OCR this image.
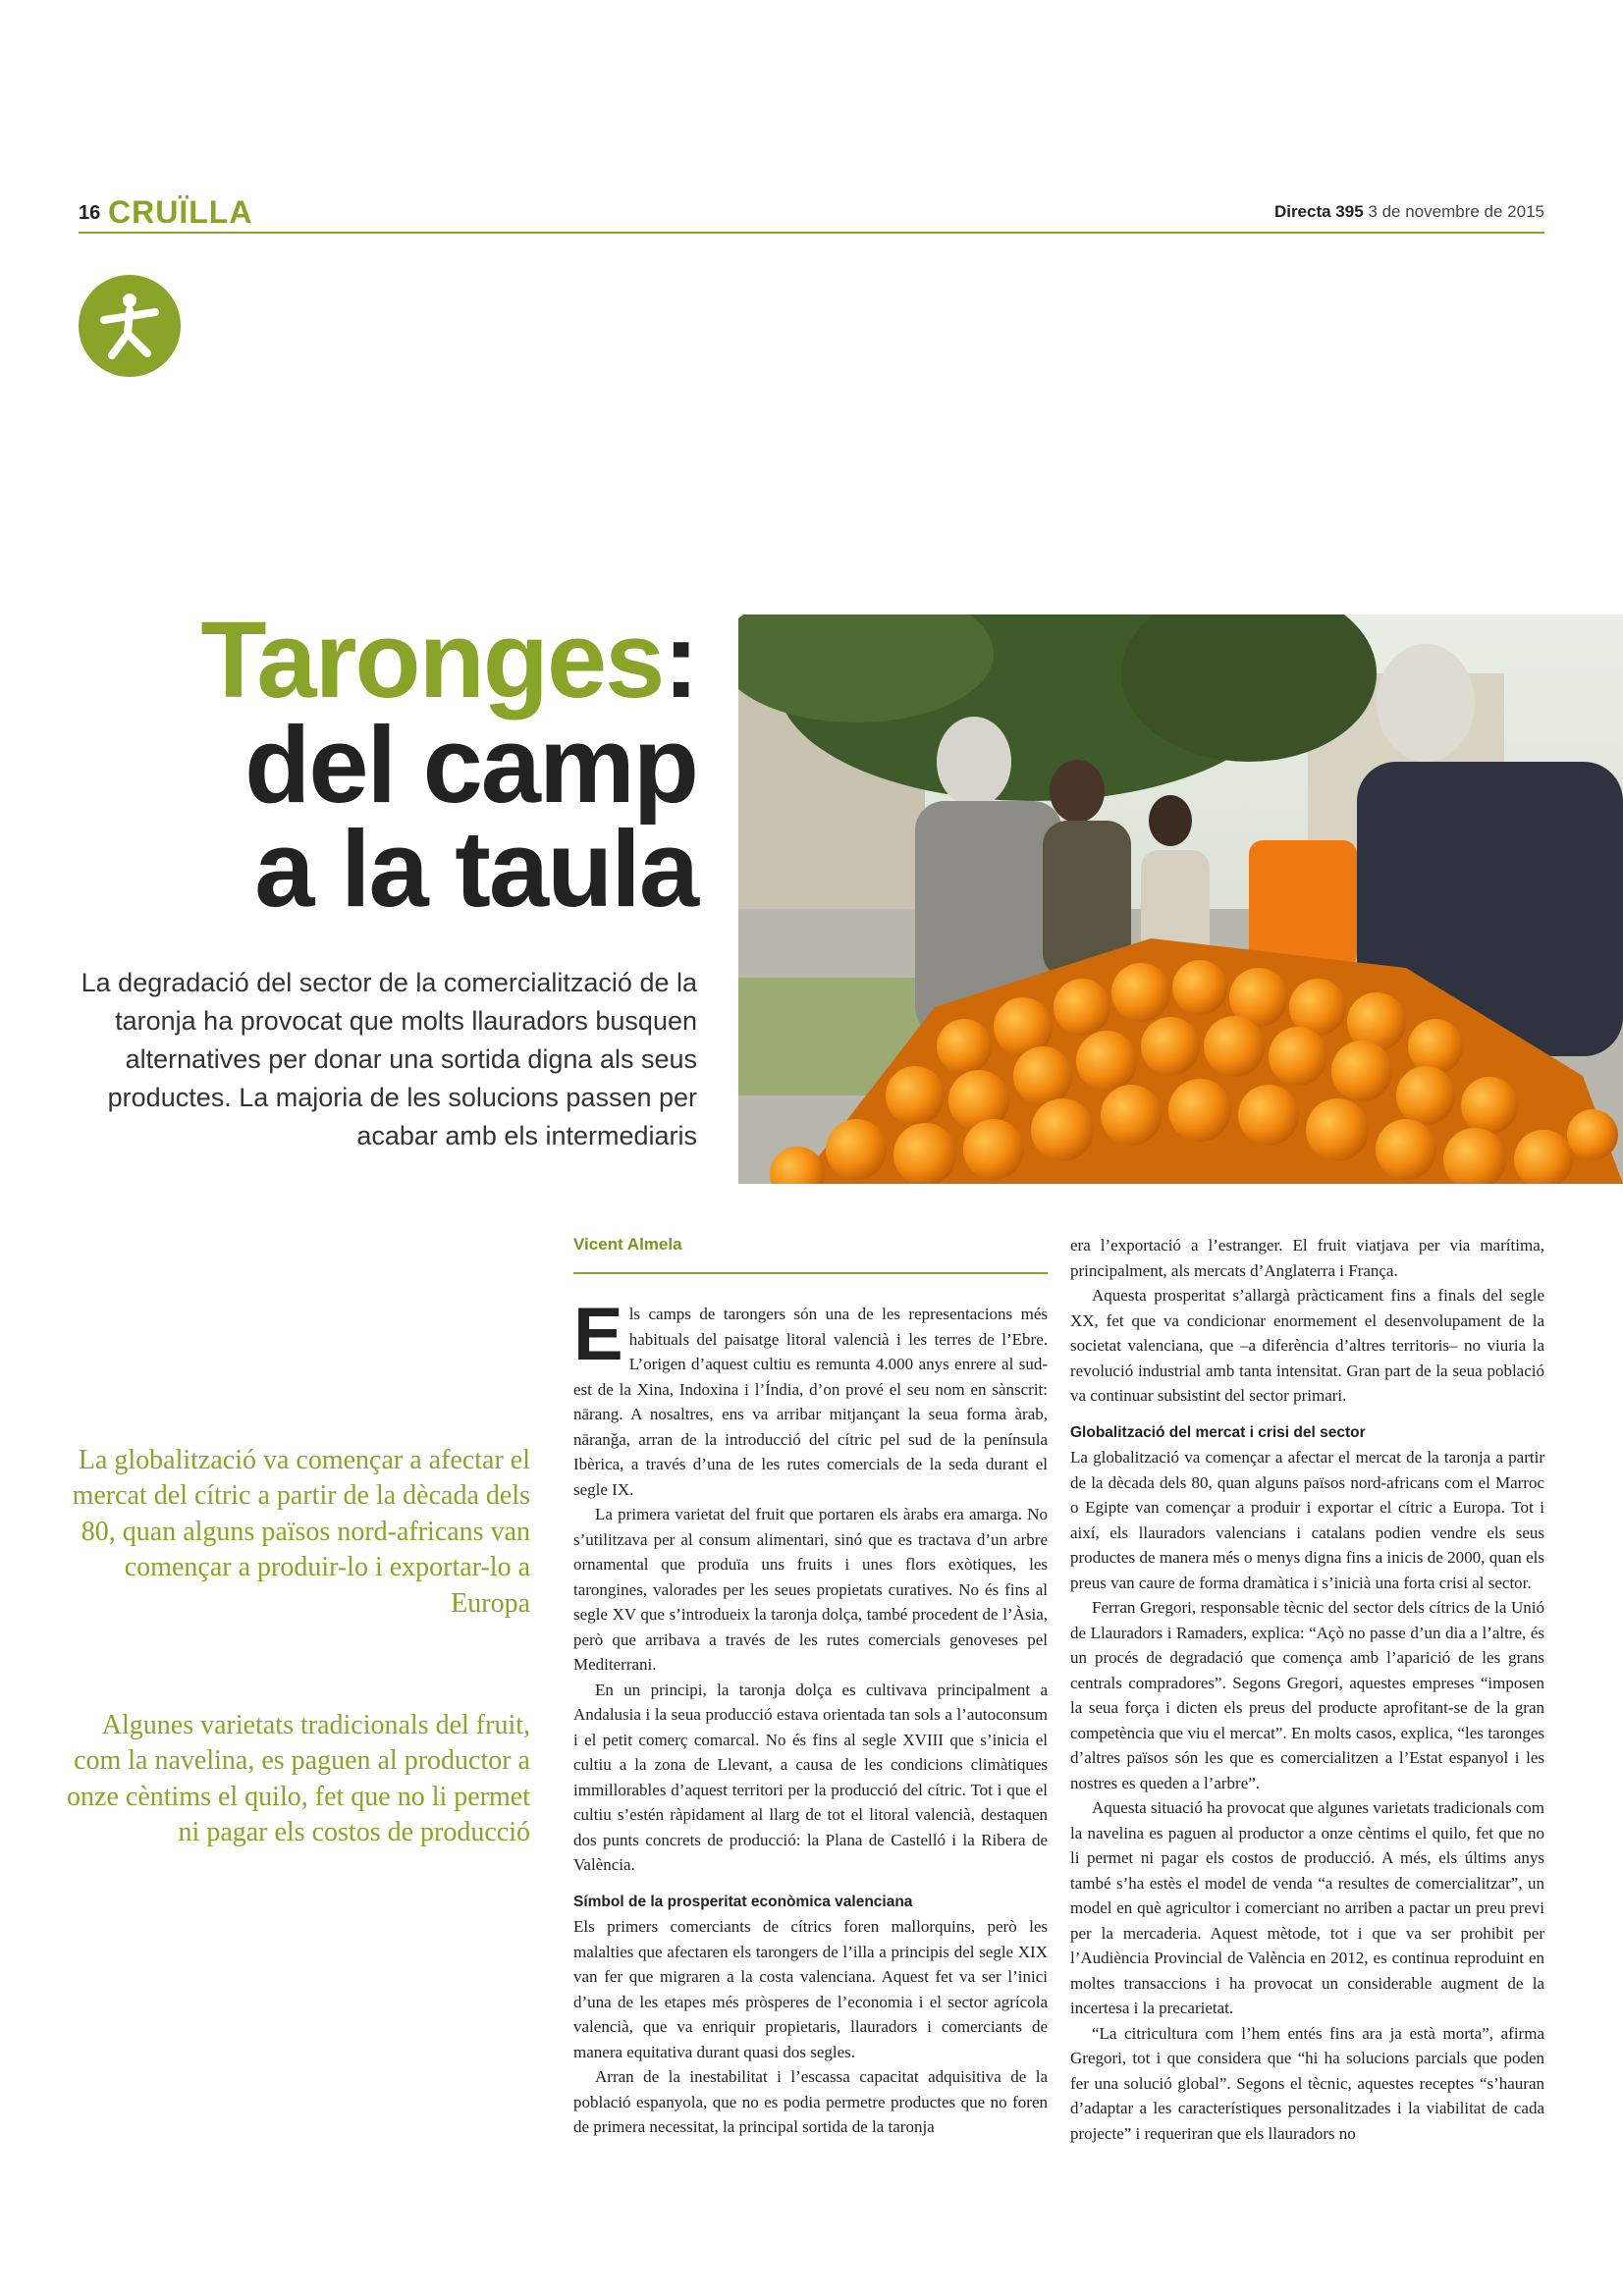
16 CRUÏLLA	Directa 395 3 de novembre de 2015
Taronges:
del camp
a la taula
La degradació del sector de la comercialització de la taronja ha provocat que molts llauradors busquen alternatives per donar una sortida digna als seus productes. La majoria de les solucions passen per acabar amb els intermediaris
Vicent Almela
La globalització va començar a afectar el mercat del cítric a partir de la dècada dels 80, quan alguns països nord-africans van començar a produir-lo i exportar-lo a Europa
Algunes varietats tradicionals del fruit, com la navelina, es paguen al productor a onze cèntims el quilo, fet que no li permet ni pagar els costos de producció

Els camps de tarongers són una de les representacions més habituals del paisatge litoral valencià i les terres de l’Ebre. L’origen d’aquest cultiu es remunta 4.000 anys enrere al sud-est de la Xina, Indoxina i l’Índia, d’on prové el seu nom en sànscrit: nārang. A nosaltres, ens va arribar mitjançant la seua forma àrab, nāranǧa, arran de la introducció del cítric pel sud de la península Ibèrica, a través d’una de les rutes comercials de la seda durant el segle IX.

La primera varietat del fruit que portaren els àrabs era amarga. No s’utilitzava per al consum alimentari, sinó que es tractava d’un arbre ornamental que produïa uns fruits i unes flors exòtiques, les tarongines, valorades per les seues propietats curatives. No és fins al segle XV que s’introdueix la taronja dolça, també procedent de l’Àsia, però que arribava a través de les rutes comercials genoveses pel Mediterrani.

En un principi, la taronja dolça es cultivava principalment a Andalusia i la seua producció estava orientada tan sols a l’autoconsum i el petit comerç comarcal. No és fins al segle XVIII que s’inicia el cultiu a la zona de Llevant, a causa de les condicions climàtiques immillorables d’aquest territori per la producció del cítric. Tot i que el cultiu s’estén ràpidament al llarg de tot el litoral valencià, destaquen dos punts concrets de producció: la Plana de Castelló i la Ribera de València.

Símbol de la prosperitat econòmica valenciana

Els primers comerciants de cítrics foren mallorquins, però les malalties que afectaren els tarongers de l’illa a principis del segle XIX van fer que migraren a la costa valenciana. Aquest fet va ser l’inici d’una de les etapes més pròsperes de l’economia i el sector agrícola valencià, que va enriquir propietaris, llauradors i comerciants de manera equitativa durant quasi dos segles.

Arran de la inestabilitat i l’escassa capacitat adquisitiva de la població espanyola, que no es podia permetre productes que no foren de primera necessitat, la principal sortida de la taronja

era l’exportació a l’estranger. El fruit viatjava per via marítima, principalment, als mercats d’Anglaterra i França.

Aquesta prosperitat s’allargà pràcticament fins a finals del segle XX, fet que va condicionar enormement el desenvolupament de la societat valenciana, que –a diferència d’altres territoris– no viuria la revolució industrial amb tanta intensitat. Gran part de la seua població va continuar subsistint del sector primari.

Globalització del mercat i crisi del sector

La globalització va començar a afectar el mercat de la taronja a partir de la dècada dels 80, quan alguns països nord-africans com el Marroc o Egipte van començar a produir i exportar el cítric a Europa. Tot i així, els llauradors valencians i catalans podien vendre els seus productes de manera més o menys digna fins a inicis de 2000, quan els preus van caure de forma dramàtica i s’inicià una forta crisi al sector.

Ferran Gregori, responsable tècnic del sector dels cítrics de la Unió de Llauradors i Ramaders, explica: “Açò no passe d’un dia a l’altre, és un procés de degradació que comença amb l’aparició de les grans centrals compradores”. Segons Gregori, aquestes empreses “imposen la seua força i dicten els preus del producte aprofitant-se de la gran competència que viu el mercat”. En molts casos, explica, “les taronges d’altres països són les que es comercialitzen a l’Estat espanyol i les nostres es queden a l’arbre”.

Aquesta situació ha provocat que algunes varietats tradicionals com la navelina es paguen al productor a onze cèntims el quilo, fet que no li permet ni pagar els costos de producció. A més, els últims anys també s’ha estès el model de venda “a resultes de comercialitzar”, un model en què agricultor i comerciant no arriben a pactar un preu previ per la mercaderia. Aquest mètode, tot i que va ser prohibit per l’Audiència Provincial de València en 2012, es continua reproduint en moltes transaccions i ha provocat un considerable augment de la incertesa i la precarietat.

“La citricultura com l’hem entés fins ara ja està morta”, afirma Gregori, tot i que considera que “hi ha solucions parcials que poden fer una solució global”. Segons el tècnic, aquestes receptes “s’hauran d’adaptar a les característiques personalitzades i la viabilitat de cada projecte” i requeriran que els llauradors no
